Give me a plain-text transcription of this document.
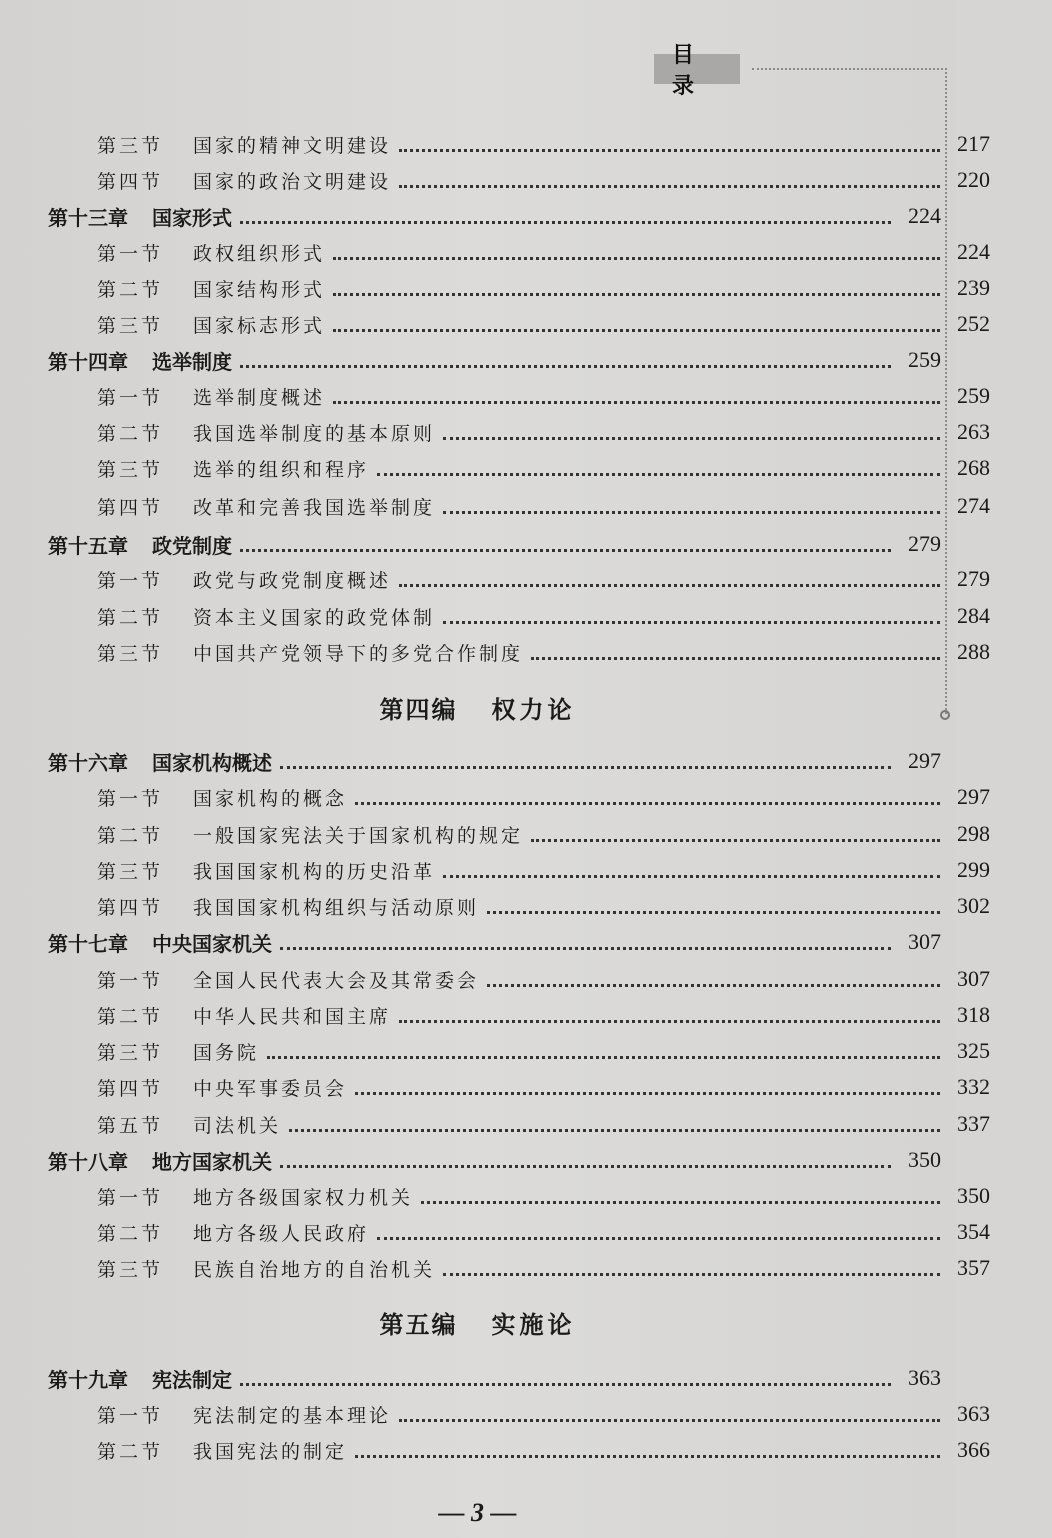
目 录
第三节	国家的精神文明建设	217
第四节	国家的政治文明建设	220
第十三章	国家形式	224
第一节	政权组织形式	224
第二节	国家结构形式	239
第三节	国家标志形式	252
第十四章	选举制度	259
第一节	选举制度概述	259
第二节	我国选举制度的基本原则	263
第三节	选举的组织和程序	268
第四节	改革和完善我国选举制度	274
第十五章	政党制度	279
第一节	政党与政党制度概述	279
第二节	资本主义国家的政党体制	284
第三节	中国共产党领导下的多党合作制度	288
第四编 权力论
第十六章	国家机构概述	297
第一节	国家机构的概念	297
第二节	一般国家宪法关于国家机构的规定	298
第三节	我国国家机构的历史沿革	299
第四节	我国国家机构组织与活动原则	302
第十七章	中央国家机关	307
第一节	全国人民代表大会及其常委会	307
第二节	中华人民共和国主席	318
第三节	国务院	325
第四节	中央军事委员会	332
第五节	司法机关	337
第十八章	地方国家机关	350
第一节	地方各级国家权力机关	350
第二节	地方各级人民政府	354
第三节	民族自治地方的自治机关	357
第五编 实施论
第十九章	宪法制定	363
第一节	宪法制定的基本理论	363
第二节	我国宪法的制定	366
— 3 —
